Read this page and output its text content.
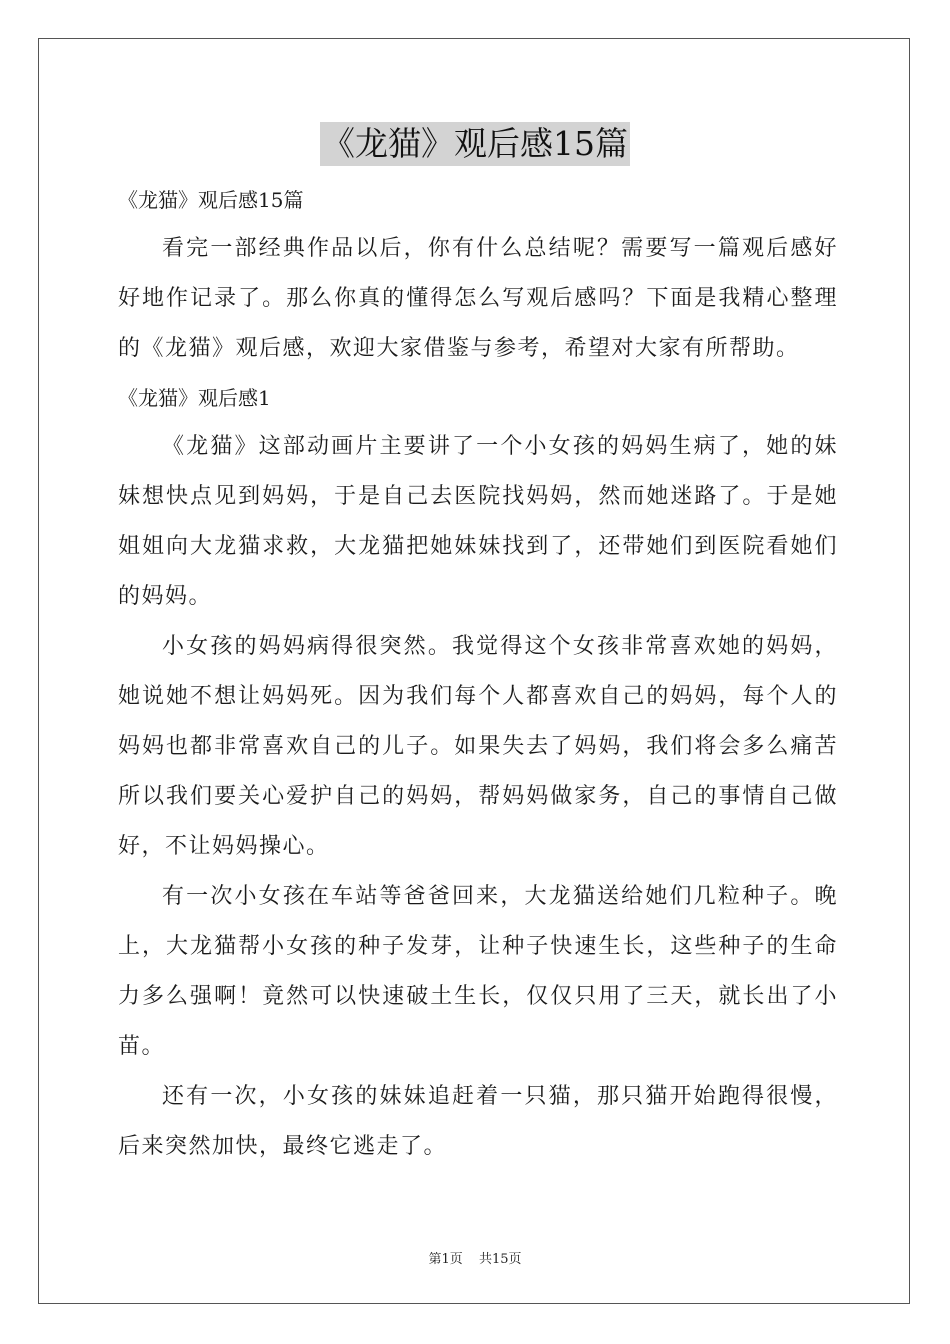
《龙猫》观后感15篇

《龙猫》观后感15篇

看完一部经典作品以后，你有什么总结呢？需要写一篇观后感好好地作记录了。那么你真的懂得怎么写观后感吗？下面是我精心整理的《龙猫》观后感，欢迎大家借鉴与参考，希望对大家有所帮助。

《龙猫》观后感1

《龙猫》这部动画片主要讲了一个小女孩的妈妈生病了，她的妹妹想快点见到妈妈，于是自己去医院找妈妈，然而她迷路了。于是她姐姐向大龙猫求救，大龙猫把她妹妹找到了，还带她们到医院看她们的妈妈。

小女孩的妈妈病得很突然。我觉得这个女孩非常喜欢她的妈妈，她说她不想让妈妈死。因为我们每个人都喜欢自己的妈妈，每个人的妈妈也都非常喜欢自己的儿子。如果失去了妈妈，我们将会多么痛苦所以我们要关心爱护自己的妈妈，帮妈妈做家务，自己的事情自己做好，不让妈妈操心。

有一次小女孩在车站等爸爸回来，大龙猫送给她们几粒种子。晚上，大龙猫帮小女孩的种子发芽，让种子快速生长，这些种子的生命力多么强啊！竟然可以快速破土生长，仅仅只用了三天，就长出了小苗。

还有一次，小女孩的妹妹追赶着一只猫，那只猫开始跑得很慢，后来突然加快，最终它逃走了。

第1页 共15页
